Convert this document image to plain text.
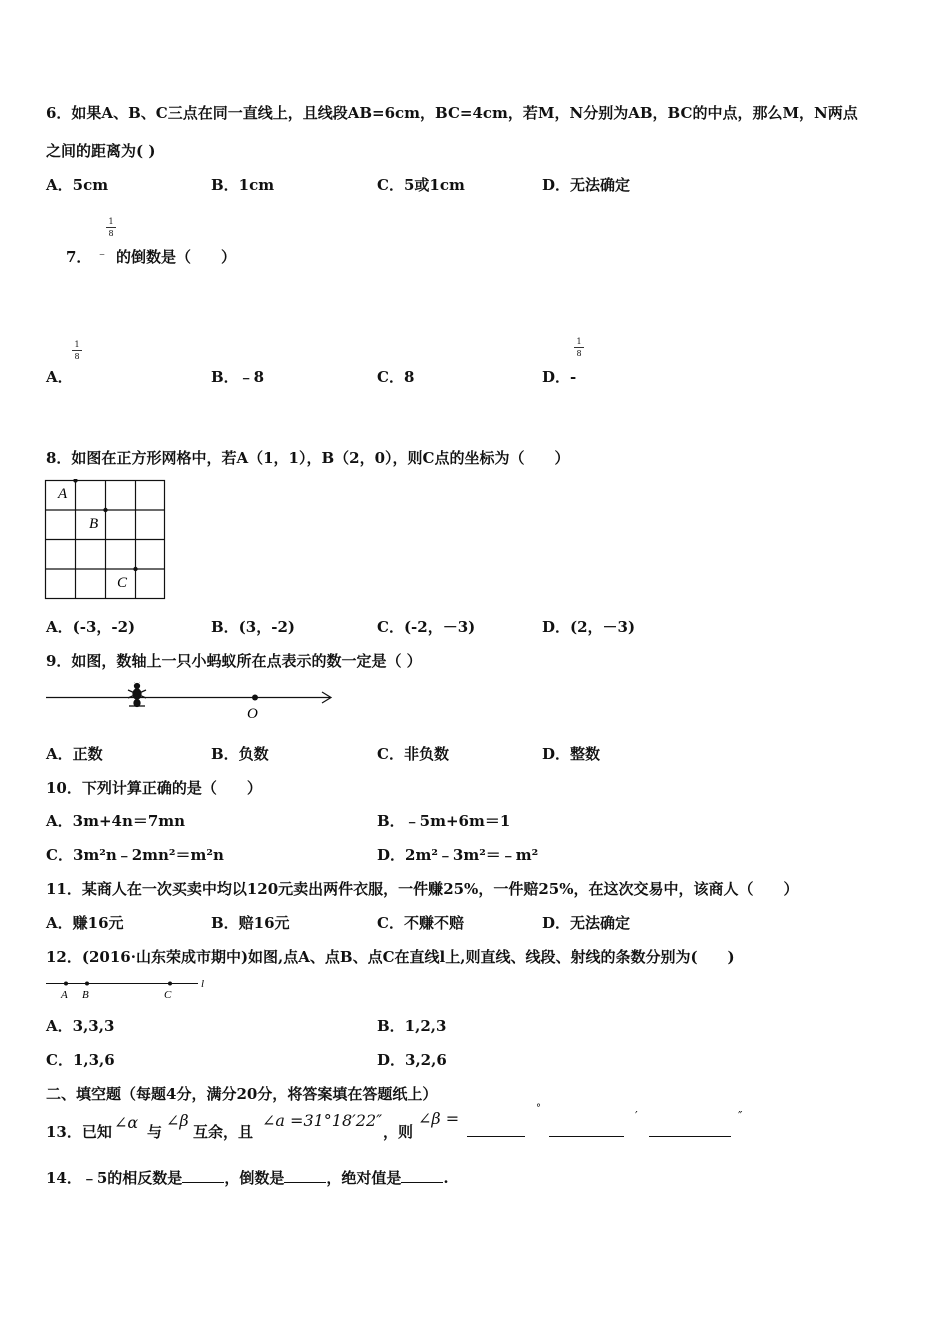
6．如果A、B、C三点在同一直线上，且线段AB=6cm，BC=4cm，若M，N分别为AB，BC的中点，那么M，N两点
之间的距离为( )
A．5cm	B．1cm	C．5或1cm	D．无法确定
7． ﹣
1
8
的倒数是（　　）
A．
1
8
B．﹣8	C．8	D．-
1
8
8．如图在正方形网格中，若A（1，1），B（2，0），则C点的坐标为（　　）
A
B
C
A．(-3，-2)	B．(3，-2)	C．(-2，－3)	D．(2，－3)
9．如图，数轴上一只小蚂蚁所在点表示的数一定是（ ）
O
A．正数	B．负数	C．非负数	D．整数
10．下列计算正确的是（　　）
A．3m+4n＝7mn	B．﹣5m+6m＝1
C．3m²n﹣2mn²＝m²n	D．2m²﹣3m²＝﹣m²
11．某商人在一次买卖中均以120元卖出两件衣服，一件赚25%，一件赔25%，在这次交易中，该商人（　　）
A．赚16元	B．赔16元	C．不赚不赔	D．无法确定
12．(2016·山东荣成市期中)如图,点A、点B、点C在直线l上,则直线、线段、射线的条数分别为(　　)
A B	C
l
A．3,3,3	B．1,2,3
C．1,3,6	D．3,2,6
二、填空题（每题4分，满分20分，将答案填在答题纸上）
13．已知 ∠α 与
∠β
互余，且
∠a =31°18′22″
，则
∠β =
°
′	″
14．﹣5的相反数是	，倒数是	，绝对值是	.
